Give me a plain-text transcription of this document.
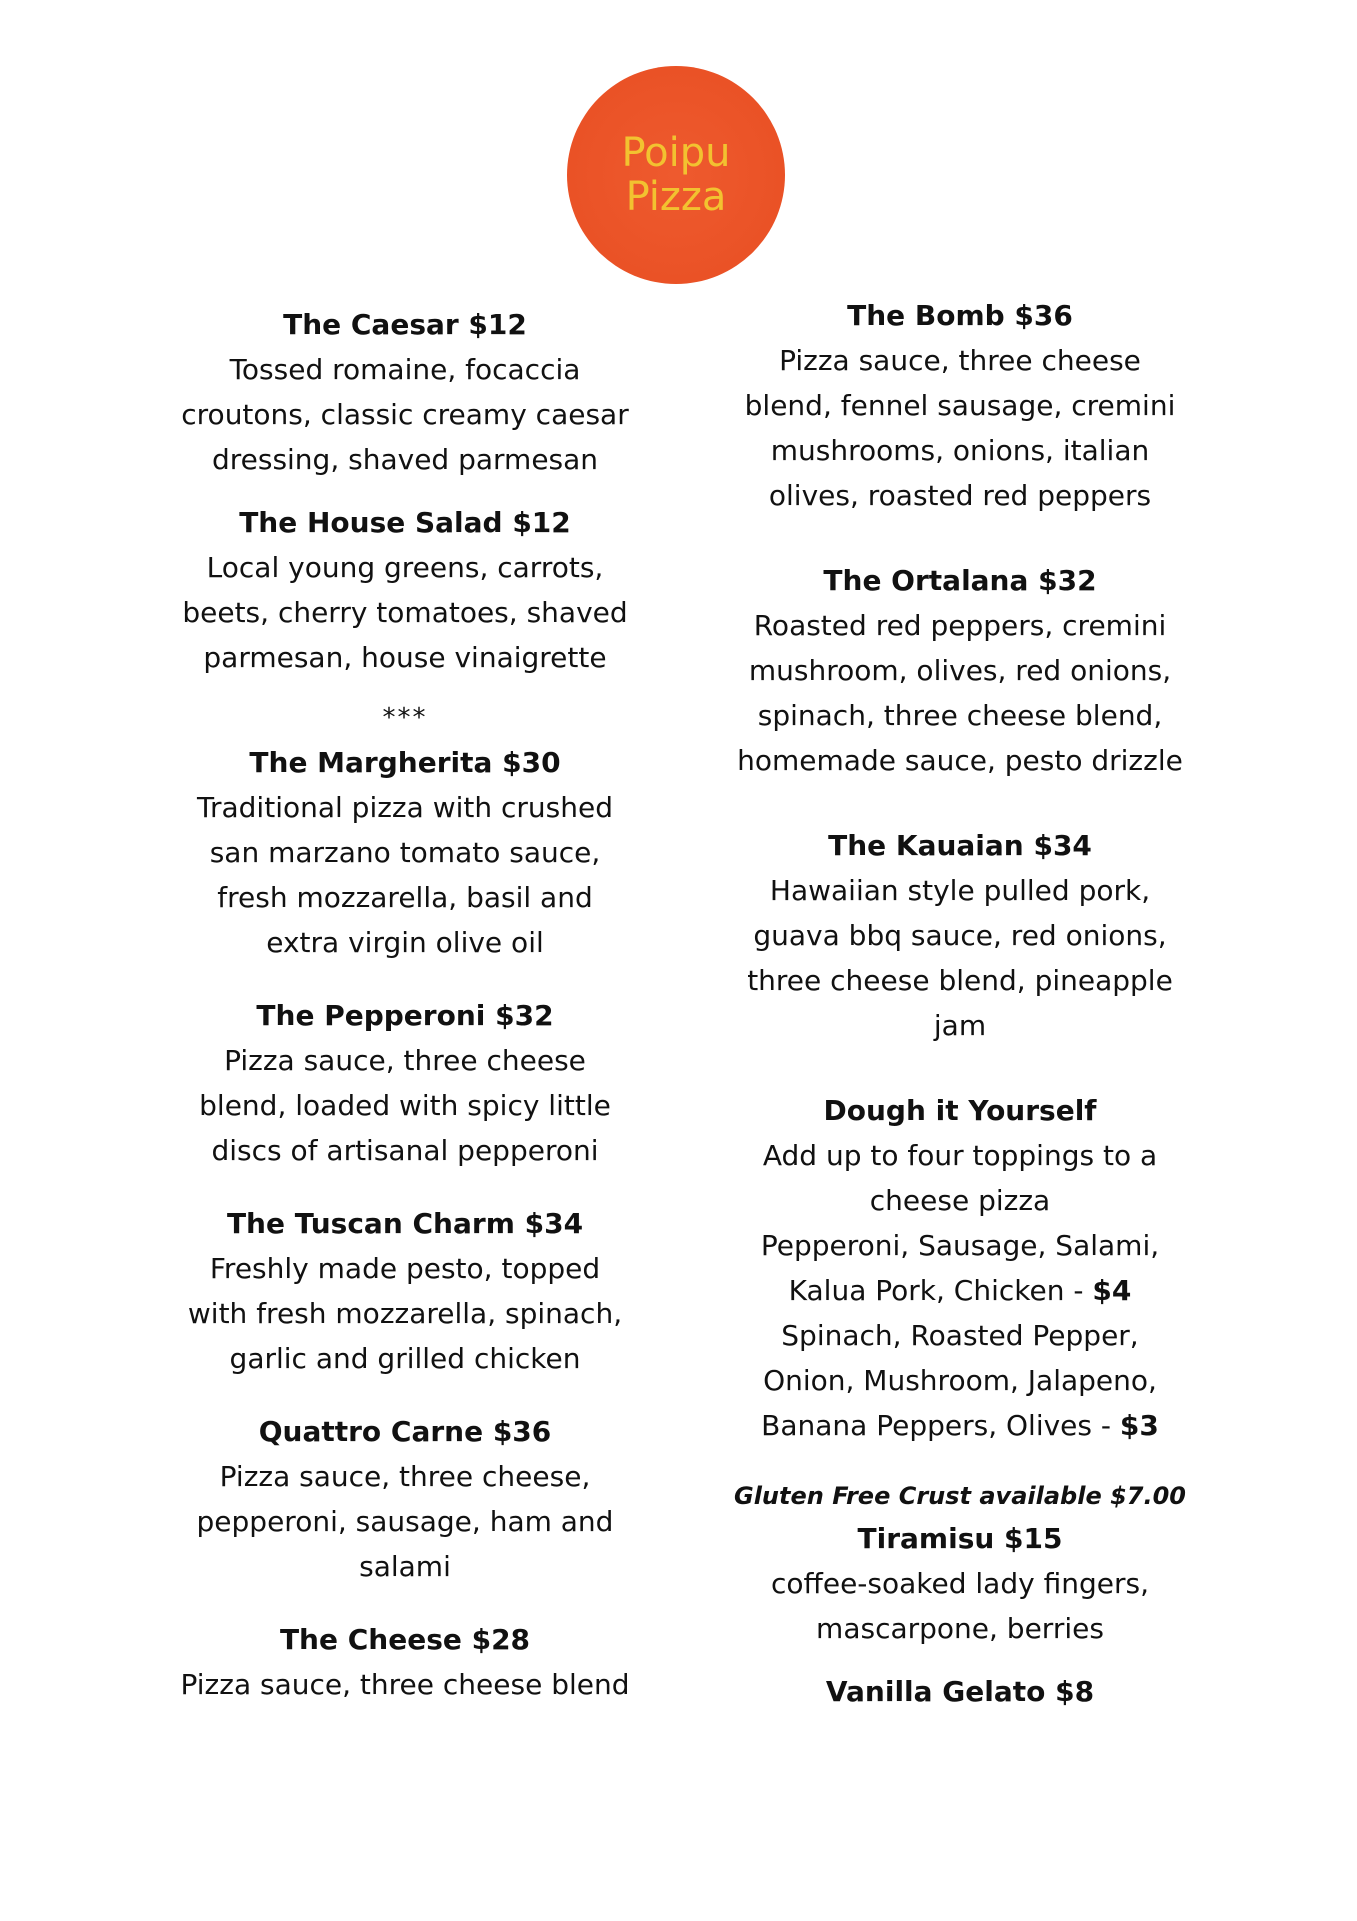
Poipu
Pizza
The Caesar $12
Tossed romaine, focaccia
croutons, classic creamy caesar
dressing, shaved parmesan
The House Salad $12
Local young greens, carrots,
beets, cherry tomatoes, shaved
parmesan, house vinaigrette
***
The Margherita $30
Traditional pizza with crushed
san marzano tomato sauce,
fresh mozzarella, basil and
extra virgin olive oil
The Pepperoni $32
Pizza sauce, three cheese
blend, loaded with spicy little
discs of artisanal pepperoni
The Tuscan Charm $34
Freshly made pesto, topped
with fresh mozzarella, spinach,
garlic and grilled chicken
Quattro Carne $36
Pizza sauce, three cheese,
pepperoni, sausage, ham and
salami
The Cheese $28
Pizza sauce, three cheese blend
The Bomb $36
Pizza sauce, three cheese
blend, fennel sausage, cremini
mushrooms, onions, italian
olives, roasted red peppers
The Ortalana $32
Roasted red peppers, cremini
mushroom, olives, red onions,
spinach, three cheese blend,
homemade sauce, pesto drizzle
The Kauaian $34
Hawaiian style pulled pork,
guava bbq sauce, red onions,
three cheese blend, pineapple
jam
Dough it Yourself
Add up to four toppings to a
cheese pizza
Pepperoni, Sausage, Salami,
Kalua Pork, Chicken - $4
Spinach, Roasted Pepper,
Onion, Mushroom, Jalapeno,
Banana Peppers, Olives - $3
Gluten Free Crust available $7.00
Tiramisu $15
coffee-soaked lady fingers,
mascarpone, berries
Vanilla Gelato $8
